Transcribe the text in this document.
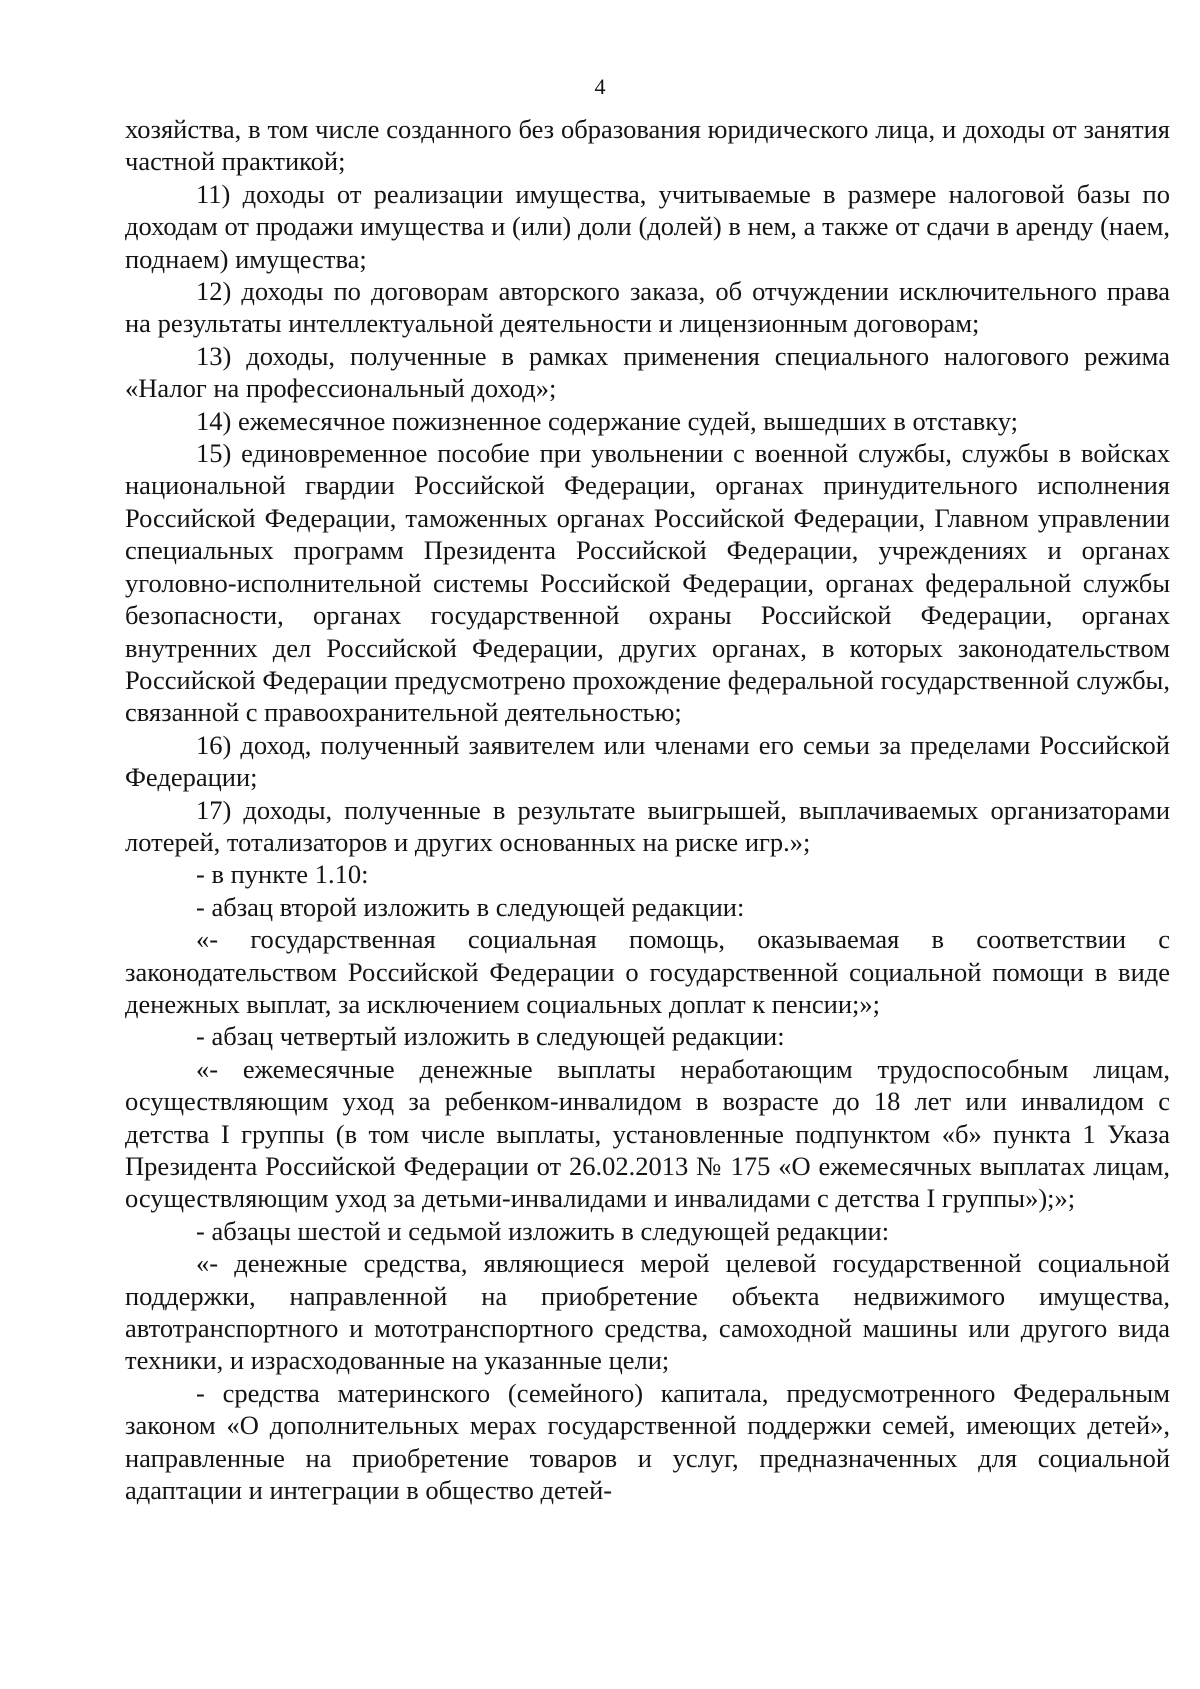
4

хозяйства, в том числе созданного без образования юридического лица, и доходы от занятия частной практикой;

11) доходы от реализации имущества, учитываемые в размере налоговой базы по доходам от продажи имущества и (или) доли (долей) в нем, а также от сдачи в аренду (наем, поднаем) имущества;

12) доходы по договорам авторского заказа, об отчуждении исключительного права на результаты интеллектуальной деятельности и лицензионным договорам;

13) доходы, полученные в рамках применения специального налогового режима «Налог на профессиональный доход»;

14) ежемесячное пожизненное содержание судей, вышедших в отставку;

15) единовременное пособие при увольнении с военной службы, службы в войсках национальной гвардии Российской Федерации, органах принудительного исполнения Российской Федерации, таможенных органах Российской Федерации, Главном управлении специальных программ Президента Российской Федерации, учреждениях и органах уголовно-исполнительной системы Российской Федерации, органах федеральной службы безопасности, органах государственной охраны Российской Федерации, органах внутренних дел Российской Федерации, других органах, в которых законодательством Российской Федерации предусмотрено прохождение федеральной государственной службы, связанной с правоохранительной деятельностью;

16) доход, полученный заявителем или членами его семьи за пределами Российской Федерации;

17) доходы, полученные в результате выигрышей, выплачиваемых организаторами лотерей, тотализаторов и других основанных на риске игр.»;

- в пункте 1.10:

- абзац второй изложить в следующей редакции:

«- государственная социальная помощь, оказываемая в соответствии с законодательством Российской Федерации о государственной социальной помощи в виде денежных выплат, за исключением социальных доплат к пенсии;»;

- абзац четвертый изложить в следующей редакции:

«- ежемесячные денежные выплаты неработающим трудоспособным лицам, осуществляющим уход за ребенком-инвалидом в возрасте до 18 лет или инвалидом с детства I группы (в том числе выплаты, установленные подпунктом «б» пункта 1 Указа Президента Российской Федерации от 26.02.2013 № 175 «О ежемесячных выплатах лицам, осуществляющим уход за детьми-инвалидами и инвалидами с детства I группы»);»;

- абзацы шестой и седьмой изложить в следующей редакции:

«- денежные средства, являющиеся мерой целевой государственной социальной поддержки, направленной на приобретение объекта недвижимого имущества, автотранспортного и мототранспортного средства, самоходной машины или другого вида техники, и израсходованные на указанные цели;

- средства материнского (семейного) капитала, предусмотренного Федеральным законом «О дополнительных мерах государственной поддержки семей, имеющих детей», направленные на приобретение товаров и услуг, предназначенных для социальной адаптации и интеграции в общество детей-
